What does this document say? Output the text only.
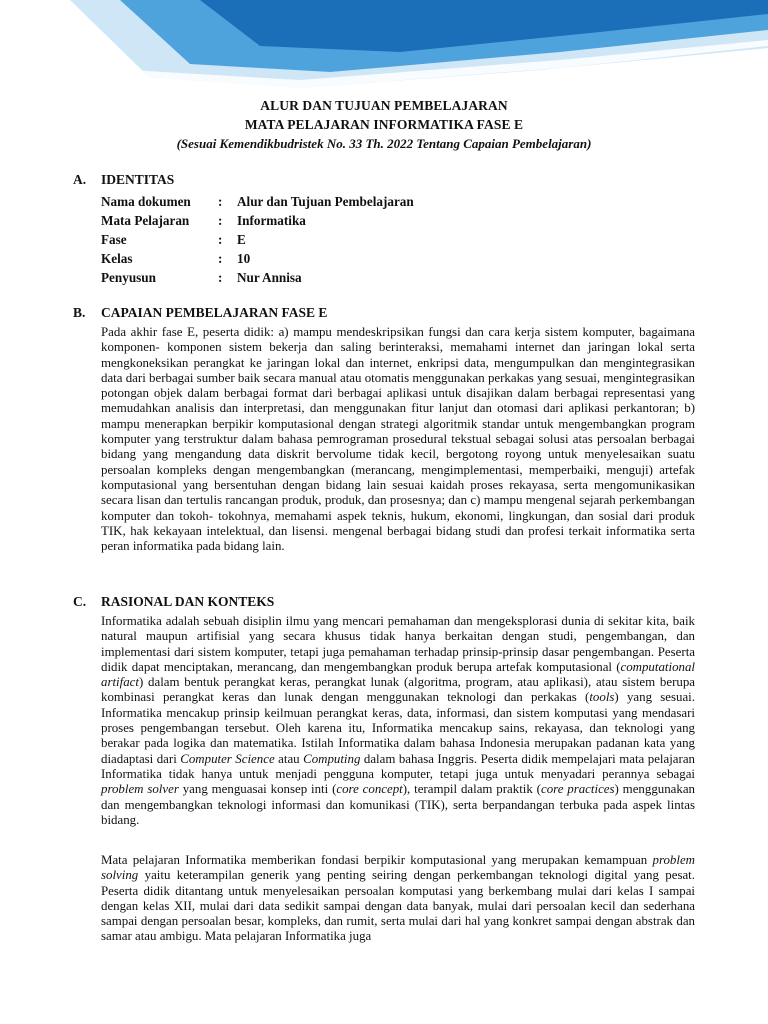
ALUR DAN TUJUAN PEMBELAJARAN
MATA PELAJARAN INFORMATIKA FASE E
(Sesuai Kemendikbudristek No. 33 Th. 2022 Tentang Capaian Pembelajaran)
A. IDENTITAS
Nama dokumen : Alur dan Tujuan Pembelajaran
Mata Pelajaran : Informatika
Fase	: E
Kelas	: 10
Penyusun	: Nur Annisa
B. CAPAIAN PEMBELAJARAN FASE E
Pada akhir fase E, peserta didik: a) mampu mendeskripsikan fungsi dan cara kerja sistem komputer, bagaimana komponen- komponen sistem bekerja dan saling berinteraksi, memahami internet dan jaringan lokal serta mengkoneksikan perangkat ke jaringan lokal dan internet, enkripsi data, mengumpulkan dan mengintegrasikan data dari berbagai sumber baik secara manual atau otomatis menggunakan perkakas yang sesuai, mengintegrasikan potongan objek dalam berbagai format dari berbagai aplikasi untuk disajikan dalam berbagai representasi yang memudahkan analisis dan interpretasi, dan menggunakan fitur lanjut dan otomasi dari aplikasi perkantoran; b) mampu menerapkan berpikir komputasional dengan strategi algoritmik standar untuk mengembangkan program komputer yang terstruktur dalam bahasa pemrograman prosedural tekstual sebagai solusi atas persoalan berbagai bidang yang mengandung data diskrit bervolume tidak kecil, bergotong royong untuk menyelesaikan suatu persoalan kompleks dengan mengembangkan (merancang, mengimplementasi, memperbaiki, menguji) artefak komputasional yang bersentuhan dengan bidang lain sesuai kaidah proses rekayasa, serta mengomunikasikan secara lisan dan tertulis rancangan produk, produk, dan prosesnya; dan c) mampu mengenal sejarah perkembangan komputer dan tokoh- tokohnya, memahami aspek teknis, hukum, ekonomi, lingkungan, dan sosial dari produk TIK, hak kekayaan intelektual, dan lisensi. mengenal berbagai bidang studi dan profesi terkait informatika serta peran informatika pada bidang lain.
C. RASIONAL DAN KONTEKS
Informatika adalah sebuah disiplin ilmu yang mencari pemahaman dan mengeksplorasi dunia di sekitar kita, baik natural maupun artifisial yang secara khusus tidak hanya berkaitan dengan studi, pengembangan, dan implementasi dari sistem komputer, tetapi juga pemahaman terhadap prinsip-prinsip dasar pengembangan. Peserta didik dapat menciptakan, merancang, dan mengembangkan produk berupa artefak komputasional (computational artifact) dalam bentuk perangkat keras, perangkat lunak (algoritma, program, atau aplikasi), atau sistem berupa kombinasi perangkat keras dan lunak dengan menggunakan teknologi dan perkakas (tools) yang sesuai. Informatika mencakup prinsip keilmuan perangkat keras, data, informasi, dan sistem komputasi yang mendasari proses pengembangan tersebut. Oleh karena itu, Informatika mencakup sains, rekayasa, dan teknologi yang berakar pada logika dan matematika. Istilah Informatika dalam bahasa Indonesia merupakan padanan kata yang diadaptasi dari Computer Science atau Computing dalam bahasa Inggris. Peserta didik mempelajari mata pelajaran Informatika tidak hanya untuk menjadi pengguna komputer, tetapi juga untuk menyadari perannya sebagai problem solver yang menguasai konsep inti (core concept), terampil dalam praktik (core practices) menggunakan dan mengembangkan teknologi informasi dan komunikasi (TIK), serta berpandangan terbuka pada aspek lintas bidang.
Mata pelajaran Informatika memberikan fondasi berpikir komputasional yang merupakan kemampuan problem solving yaitu keterampilan generik yang penting seiring dengan perkembangan teknologi digital yang pesat. Peserta didik ditantang untuk menyelesaikan persoalan komputasi yang berkembang mulai dari kelas I sampai dengan kelas XII, mulai dari data sedikit sampai dengan data banyak, mulai dari persoalan kecil dan sederhana sampai dengan persoalan besar, kompleks, dan rumit, serta mulai dari hal yang konkret sampai dengan abstrak dan samar atau ambigu. Mata pelajaran Informatika juga
